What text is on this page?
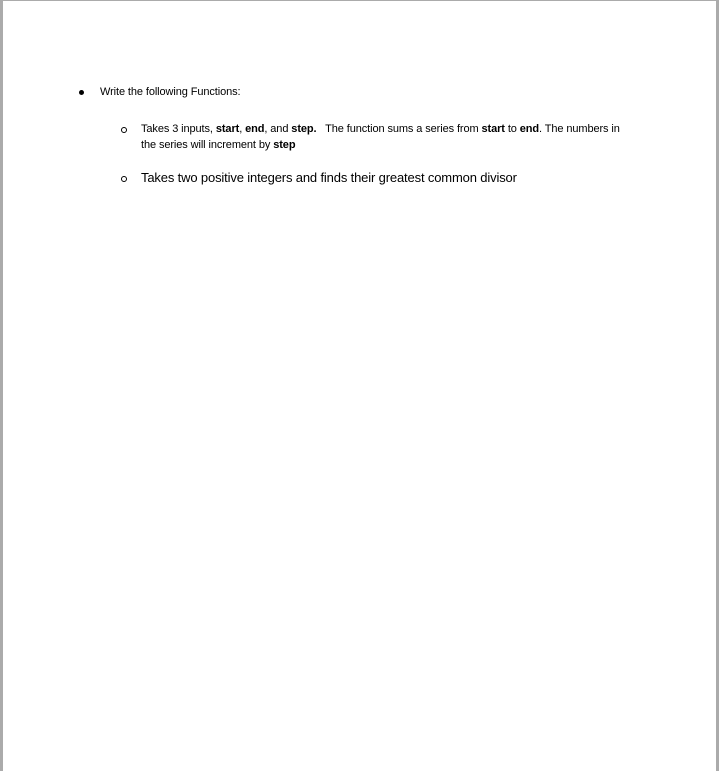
Write the following Functions:
Takes 3 inputs, start, end, and step.   The function sums a series from start to end. The numbers in
the series will increment by step
Takes two positive integers and finds their greatest common divisor
